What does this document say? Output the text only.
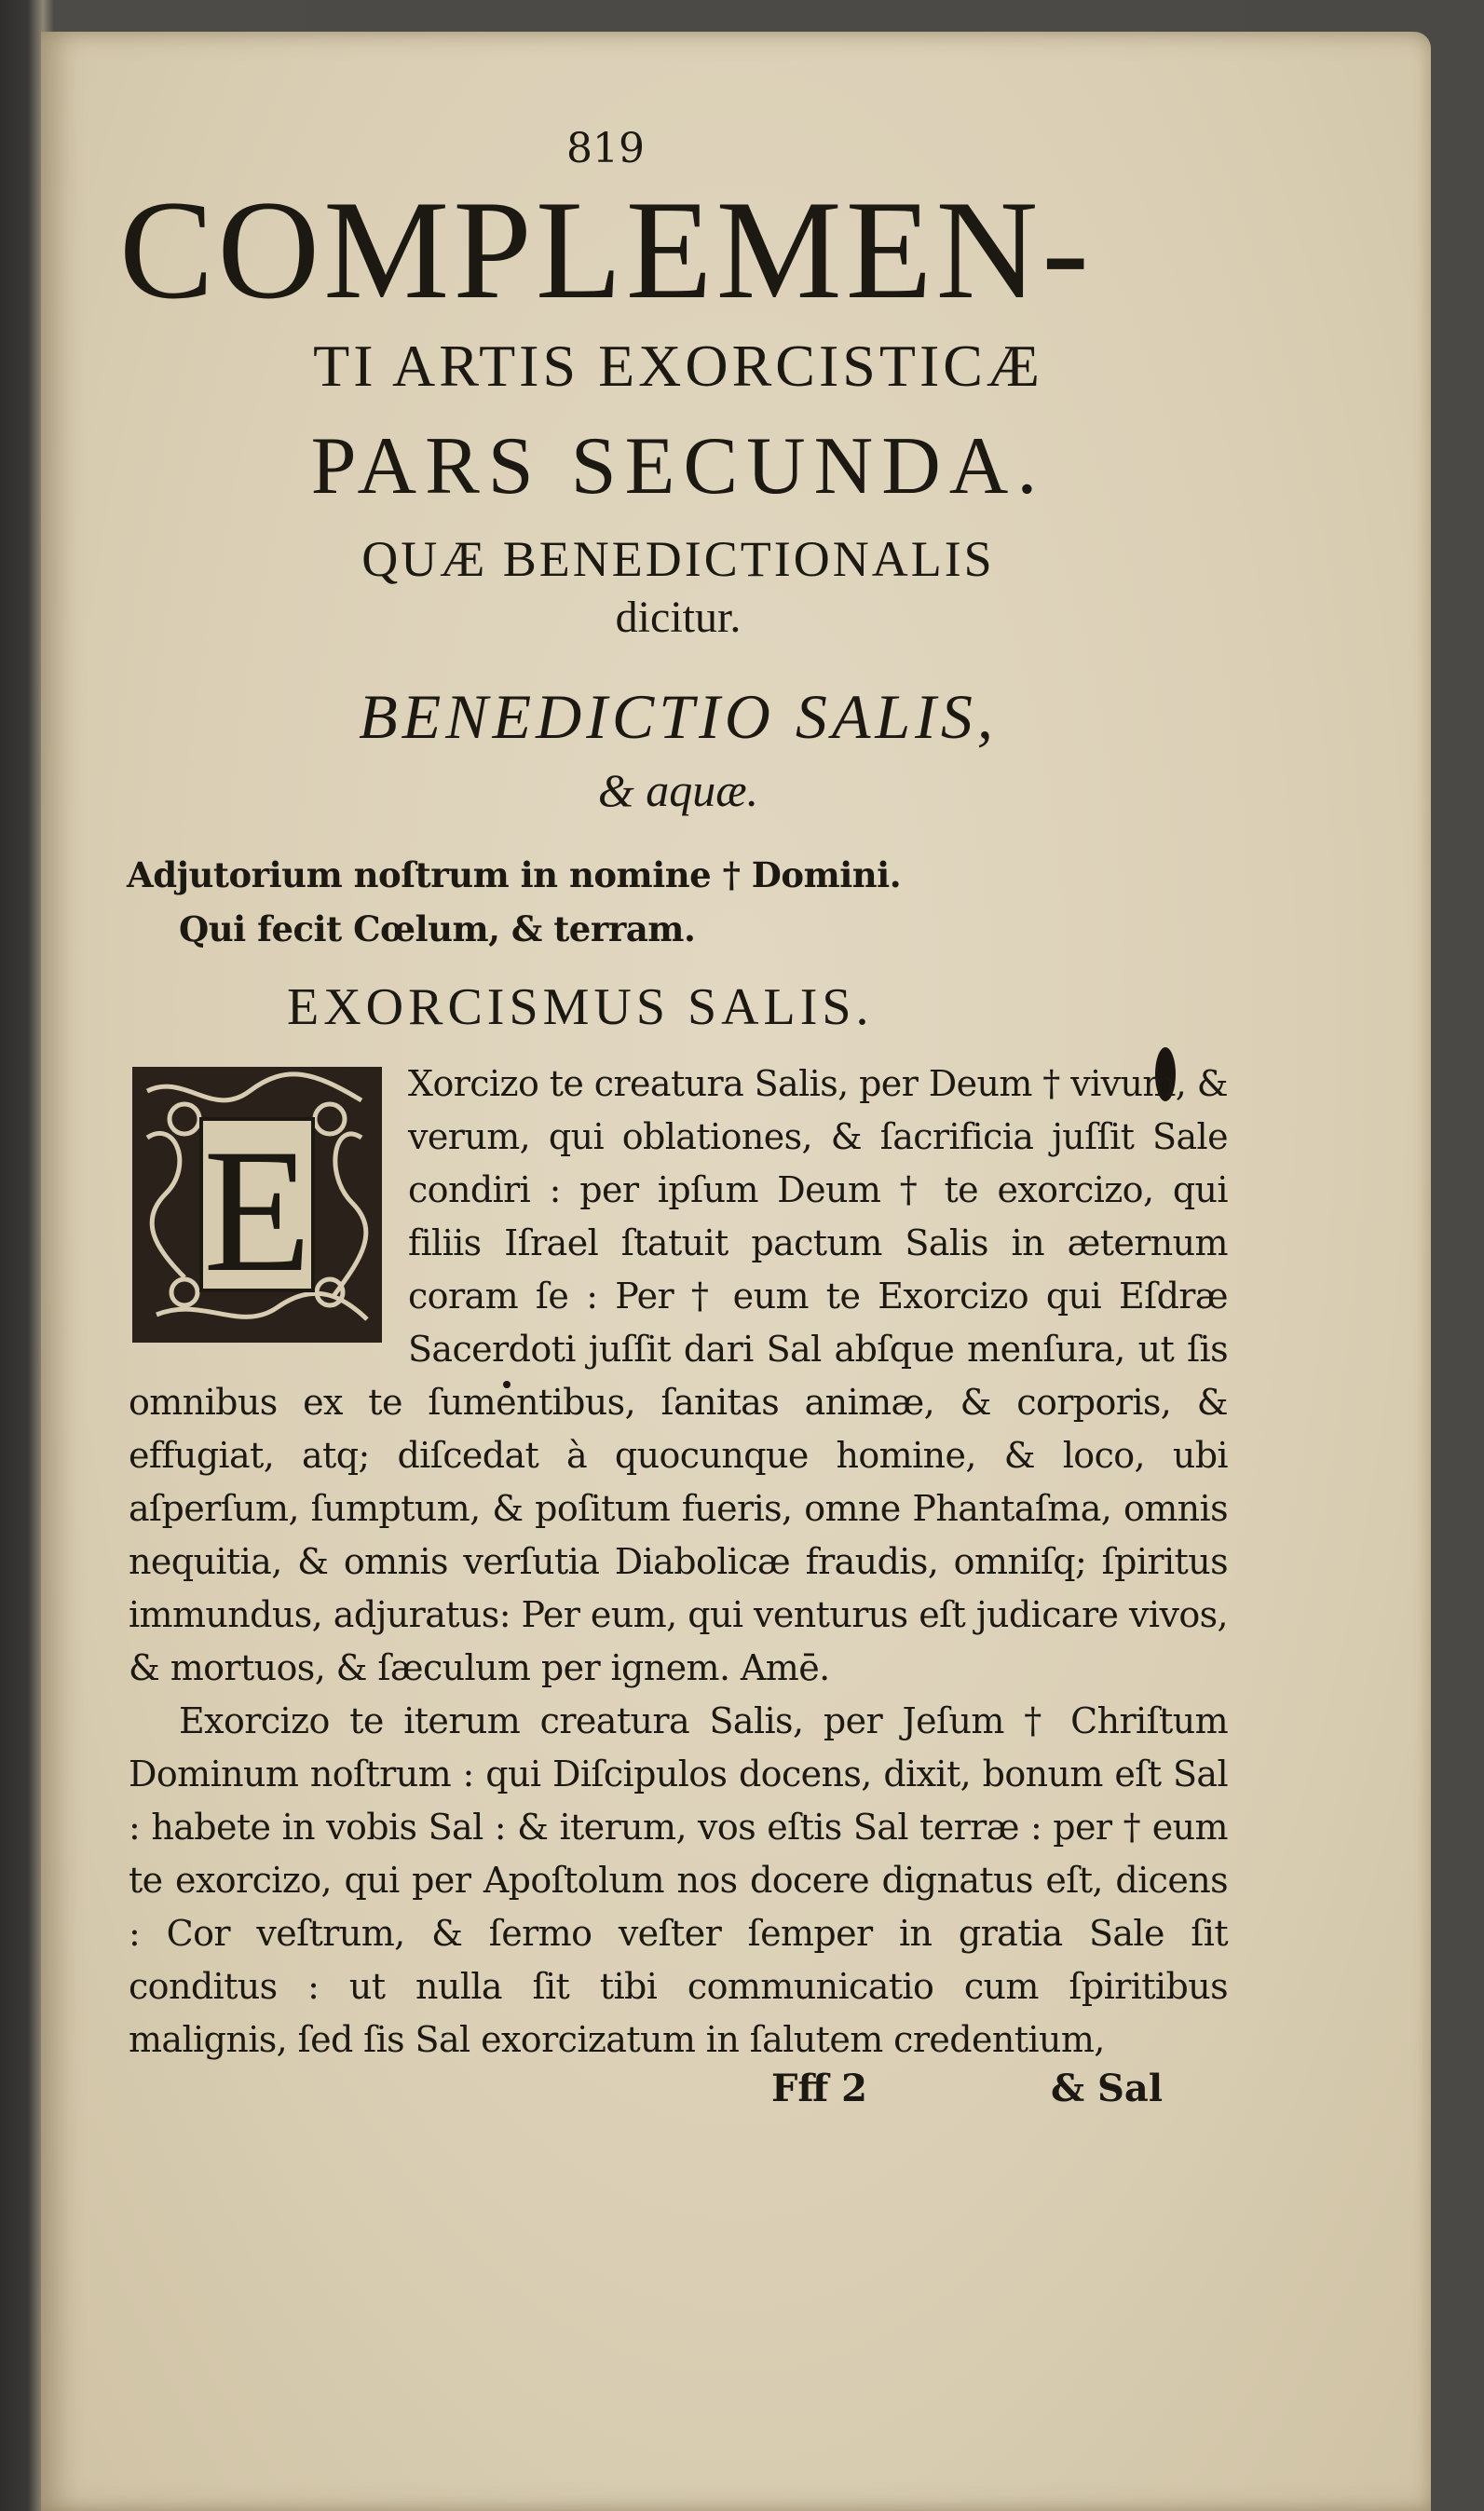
819
COMPLEMEN-
TI ARTIS EXORCISTICÆ
PARS SECUNDA.
QUÆ BENEDICTIONALIS
dicitur.
BENEDICTIO SALIS,
& aquæ.
Adjutorium noſtrum in nomine † Domini.
Qui fecit Cœlum, & terram.
EXORCISMUS SALIS.
E

Xorcizo te creatura Salis, per Deum † vivum, & verum, qui oblationes, & ſacrificia juſſit Sale condiri : per ipſum Deum † te exorcizo, qui filiis Iſrael ſtatuit pactum Salis in æternum coram ſe : Per † eum te Exorcizo qui Eſdræ Sacerdoti juſſit dari Sal abſque menſura, ut ſis omnibus ex te ſumentibus, ſanitas animæ, & corporis, & effugiat, atq; diſcedat à quocunque homine, & loco, ubi aſperſum, ſumptum, & poſitum fueris, omne Phantaſma, omnis nequitia, & omnis verſutia Diabolicæ fraudis, omniſq; ſpiritus immundus, adjuratus: Per eum, qui venturus eſt judicare vivos, & mortuos, & ſæculum per ignem. Amē.

Exorcizo te iterum creatura Salis, per Jeſum † Chriſtum Dominum noſtrum : qui Diſcipulos docens, dixit, bonum eſt Sal : habete in vobis Sal : & iterum, vos eſtis Sal terræ : per † eum te exorcizo, qui per Apoſtolum nos docere dignatus eſt, dicens : Cor veſtrum, & ſermo veſter ſemper in gratia Sale ſit conditus : ut nulla ſit tibi communicatio cum ſpiritibus malignis, ſed ſis Sal exorcizatum in ſalutem credentium,

Fff 2	& Sal
